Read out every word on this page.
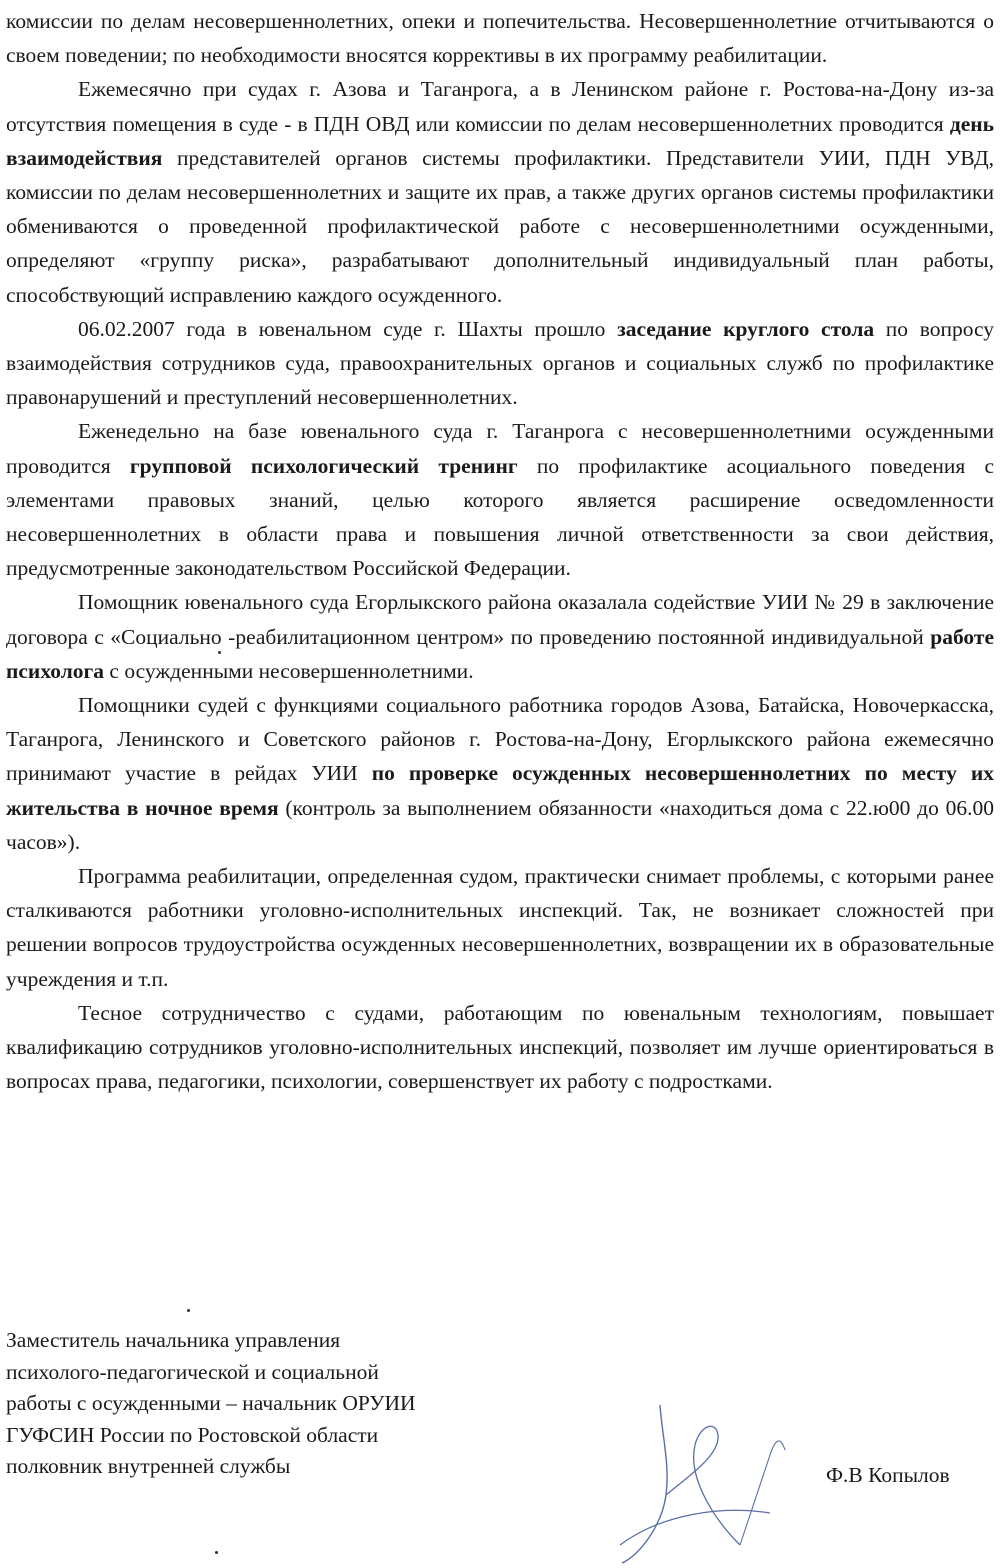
комиссии по делам несовершеннолетних, опеки и попечительства. Несовершеннолетние отчитываются о своем поведении; по необходимости вносятся коррективы в их программу реабилитации.

Ежемесячно при судах г. Азова и Таганрога, а в Ленинском районе г. Ростова-на-Дону из-за отсутствия помещения в суде - в ПДН ОВД или комиссии по делам несовершеннолетних проводится день взаимодействия представителей органов системы профилактики. Представители УИИ, ПДН УВД, комиссии по делам несовершеннолетних и защите их прав, а также других органов системы профилактики обмениваются о проведенной профилактической работе с несовершеннолетними осужденными, определяют «группу риска», разрабатывают дополнительный индивидуальный план работы, способствующий исправлению каждого осужденного.

06.02.2007 года в ювенальном суде г. Шахты прошло заседание круглого стола по вопросу взаимодействия сотрудников суда, правоохранительных органов и социальных служб по профилактике правонарушений и преступлений несовершеннолетних.

Еженедельно на базе ювенального суда г. Таганрога с несовершеннолетними осужденными проводится групповой психологический тренинг по профилактике асоциального поведения с элементами правовых знаний, целью которого является расширение осведомленности несовершеннолетних в области права и повышения личной ответственности за свои действия, предусмотренные законодательством Российской Федерации.

Помощник ювенального суда Егорлыкского района оказалала содействие УИИ № 29 в заключение договора с «Социально -реабилитационном центром» по проведению постоянной индивидуальной работе психолога с осужденными несовершеннолетними.

Помощники судей с функциями социального работника городов Азова, Батайска, Новочеркасска, Таганрога, Ленинского и Советского районов г. Ростова-на-Дону, Егорлыкского района ежемесячно принимают участие в рейдах УИИ по проверке осужденных несовершеннолетних по месту их жительства в ночное время (контроль за выполнением обязанности «находиться дома с 22.ю00 до 06.00 часов»).

Программа реабилитации, определенная судом, практически снимает проблемы, с которыми ранее сталкиваются работники уголовно-исполнительных инспекций. Так, не возникает сложностей при решении вопросов трудоустройства осужденных несовершеннолетних, возвращении их в образовательные учреждения и т.п.

Тесное сотрудничество с судами, работающим по ювенальным технологиям, повышает квалификацию сотрудников уголовно-исполнительных инспекций, позволяет им лучше ориентироваться в вопросах права, педагогики, психологии, совершенствует их работу с подростками.

Заместитель начальника управления
психолого-педагогической и социальной
работы с осужденными – начальник ОРУИИ
ГУФСИН России по Ростовской области
полковник внутренней службы	Ф.В Копылов
